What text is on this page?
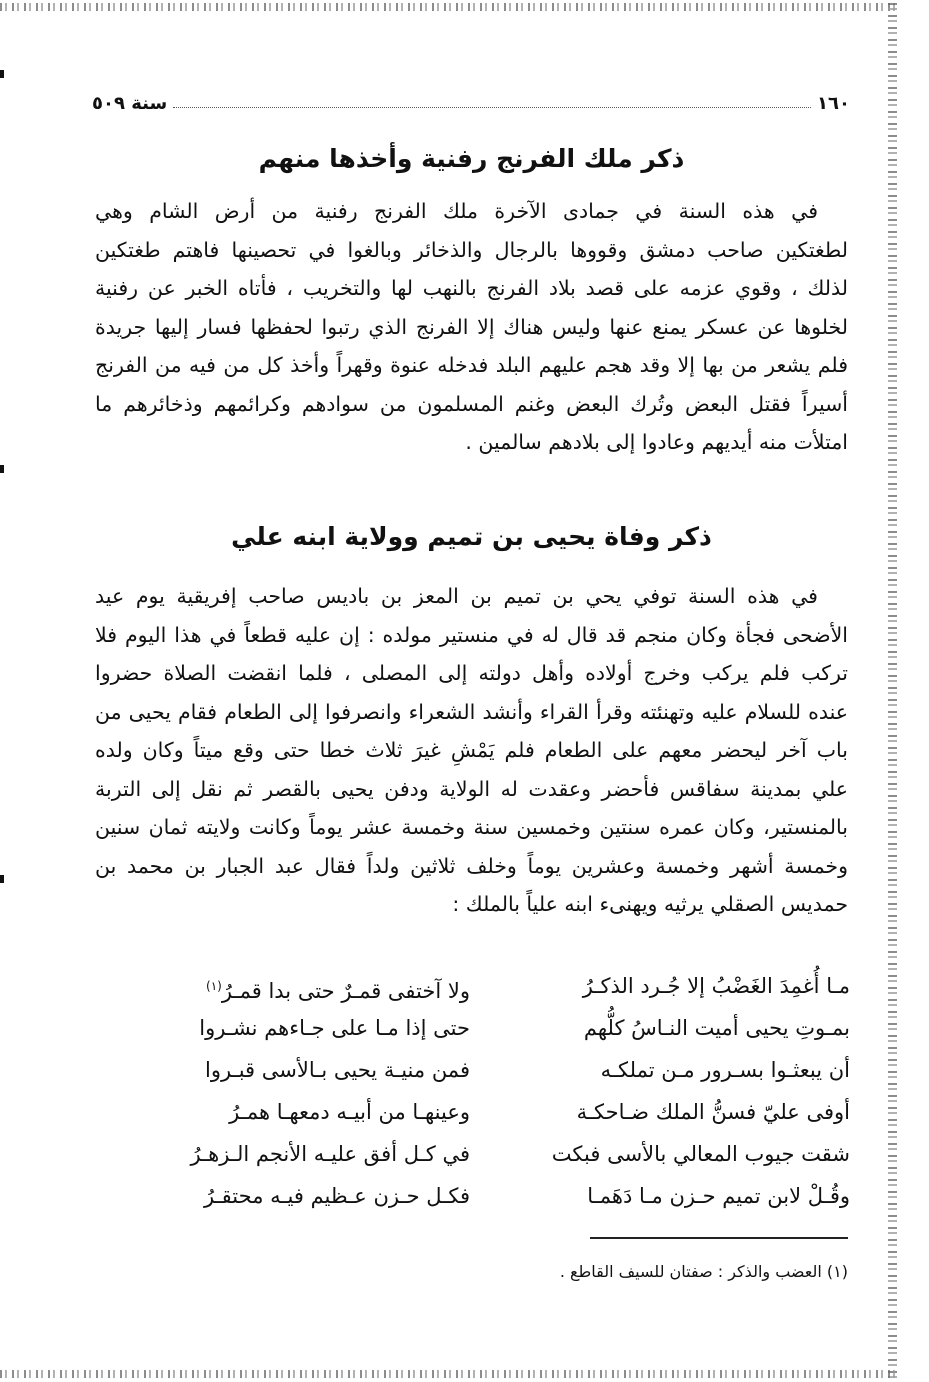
١٦٠
سنة ٥٠٩
ذكر ملك الفرنج رفنية وأخذها منهم
في هذه السنة في جمادى الآخرة ملك الفرنج رفنية من أرض الشام وهي
لطغتكين صاحب دمشق وقووها بالرجال والذخائر وبالغوا في تحصينها فاهتم طغتكين
لذلك ، وقوي عزمه على قصد بلاد الفرنج بالنهب لها والتخريب ، فأتاه الخبر عن رفنية
لخلوها عن عسكر يمنع عنها وليس هناك إلا الفرنج الذي رتبوا لحفظها فسار إليها جريدة
فلم يشعر من بها إلا وقد هجم عليهم البلد فدخله عنوة وقهراً وأخذ كل من فيه من الفرنج
أسيراً فقتل البعض وتُرك البعض وغنم المسلمون من سوادهم وكرائمهم وذخائرهم ما
امتلأت منه أيديهم وعادوا إلى بلادهم سالمين .
ذكر وفاة يحيى بن تميم وولاية ابنه علي
في هذه السنة توفي يحي بن تميم بن المعز بن باديس صاحب إفريقية يوم عيد
الأضحى فجأة وكان منجم قد قال له في منستير مولده : إن عليه قطعاً في هذا اليوم فلا
تركب فلم يركب وخرج أولاده وأهل دولته إلى المصلى ، فلما انقضت الصلاة حضروا
عنده للسلام عليه وتهنئته وقرأ القراء وأنشد الشعراء وانصرفوا إلى الطعام فقام يحيى من
باب آخر ليحضر معهم على الطعام فلم يَمْشِ غيرَ ثلاث خطا حتى وقع ميتاً وكان ولده
علي بمدينة سفاقس فأحضر وعقدت له الولاية ودفن يحيى بالقصر ثم نقل إلى التربة
بالمنستير، وكان عمره سنتين وخمسين سنة وخمسة عشر يوماً وكانت ولايته ثمان سنين
وخمسة أشهر وخمسة وعشرين يوماً وخلف ثلاثين ولداً فقال عبد الجبار بن محمد بن
حمديس الصقلي يرثيه ويهنىء ابنه علياً بالملك :
مـا أُغمِدَ الغَضْبُ إلا جُـرد الذكـرُ
ولا آختفى قمـرٌ حتى بدا قمـرُ$^{(١)}$
بمـوتِ يحيى أميت النـاسُ كلُّهم
حتى إذا مـا على جـاءهم نشـروا
أن يبعثـوا بسـرور مـن تملكـه
فمن منيـة يحيى بـالأسى قبـروا
أوفى عليّ فسنُّ الملك ضـاحكـة
وعينهـا من أبيـه دمعهـا همـرُ
شقت جيوب المعالي بالأسى فبكت
في كـل أفق عليـه الأنجم الـزهـرُ
وقُـلْ لابن تميم حـزن مـا دَهَمـا
فكـل حـزن عـظيم فيـه محتقـرُ
(١) العضب والذكر : صفتان للسيف القاطع .
